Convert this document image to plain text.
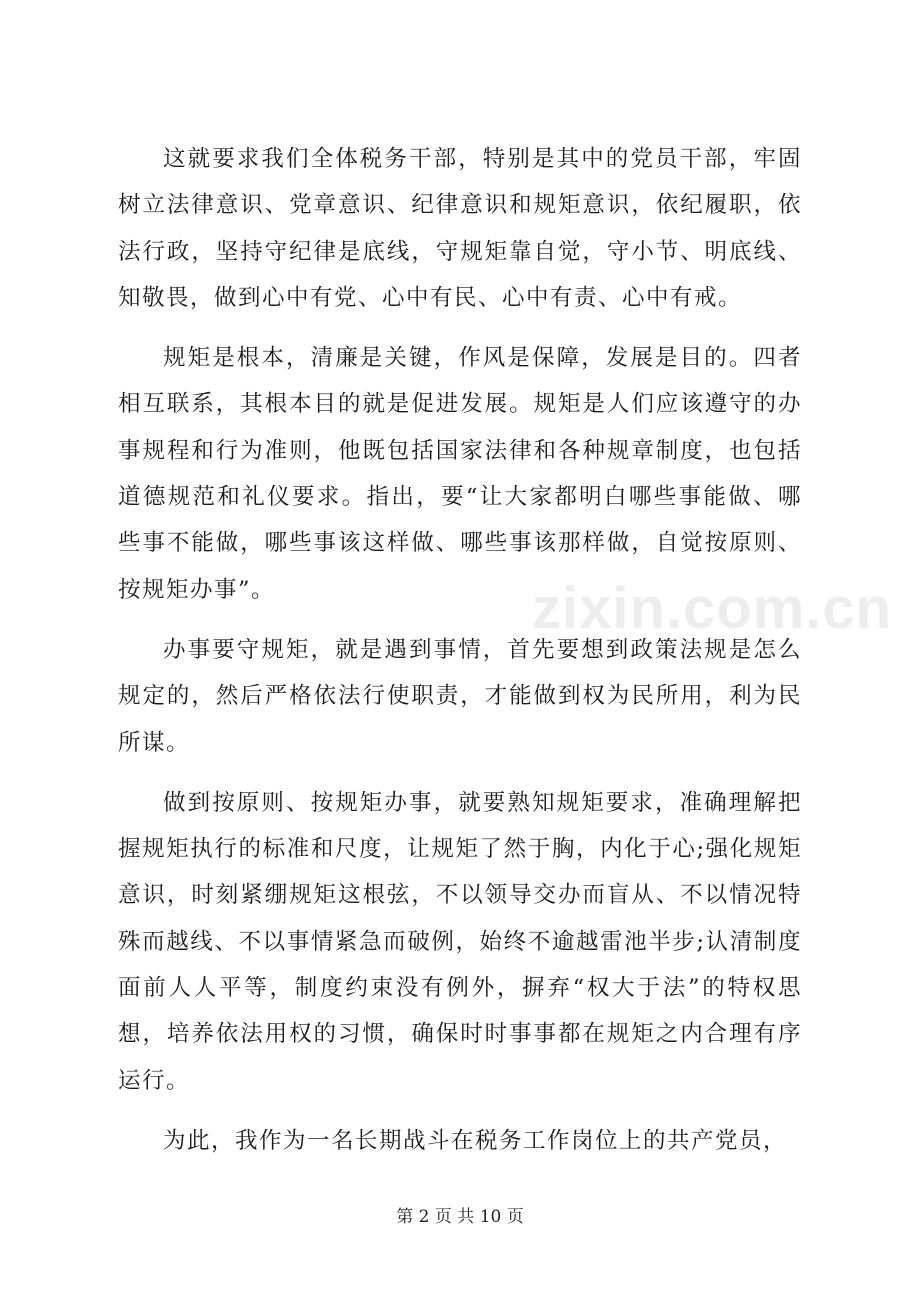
这就要求我们全体税务干部，特别是其中的党员干部，牢固树立法律意识、党章意识、纪律意识和规矩意识，依纪履职，依法行政，坚持守纪律是底线，守规矩靠自觉，守小节、明底线、知敬畏，做到心中有党、心中有民、心中有责、心中有戒。

规矩是根本，清廉是关键，作风是保障，发展是目的。四者相互联系，其根本目的就是促进发展。规矩是人们应该遵守的办事规程和行为准则，他既包括国家法律和各种规章制度，也包括道德规范和礼仪要求。指出，要“让大家都明白哪些事能做、哪些事不能做，哪些事该这样做、哪些事该那样做，自觉按原则、按规矩办事”。

办事要守规矩，就是遇到事情，首先要想到政策法规是怎么规定的，然后严格依法行使职责，才能做到权为民所用，利为民所谋。

做到按原则、按规矩办事，就要熟知规矩要求，准确理解把握规矩执行的标准和尺度，让规矩了然于胸，内化于心;强化规矩意识，时刻紧绷规矩这根弦，不以领导交办而盲从、不以情况特殊而越线、不以事情紧急而破例，始终不逾越雷池半步;认清制度面前人人平等，制度约束没有例外，摒弃“权大于法”的特权思想，培养依法用权的习惯，确保时时事事都在规矩之内合理有序运行。

为此，我作为一名长期战斗在税务工作岗位上的共产党员，

zixin.com.cn
第 2 页 共 10 页
